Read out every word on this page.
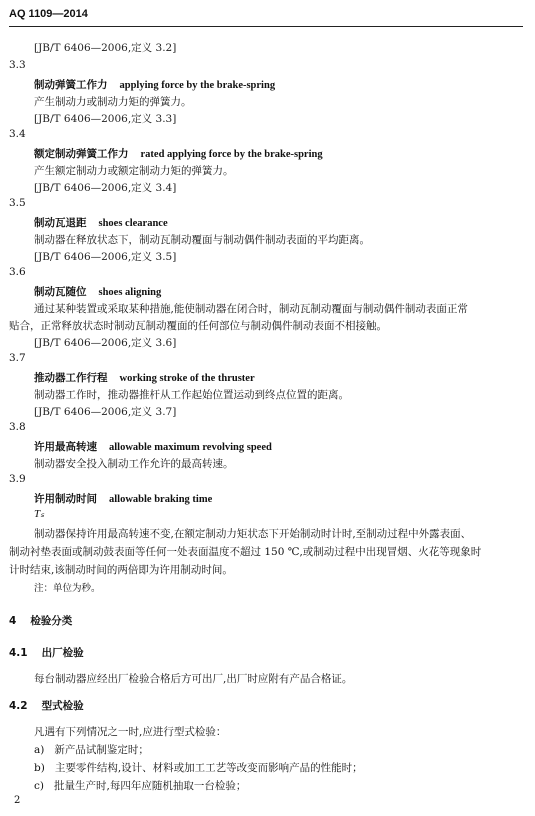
AQ 1109—2014
[JB/T 6406—2006,定义 3.2]
3.3
制动弹簧工作力 applying force by the brake-spring
产生制动力或制动力矩的弹簧力。
[JB/T 6406—2006,定义 3.3]
3.4
额定制动弹簧工作力 rated applying force by the brake-spring
产生额定制动力或额定制动力矩的弹簧力。
[JB/T 6406—2006,定义 3.4]
3.5
制动瓦退距 shoes clearance
制动器在释放状态下，制动瓦制动覆面与制动偶件制动表面的平均距离。
[JB/T 6406—2006,定义 3.5]
3.6
制动瓦随位 shoes aligning
通过某种装置或采取某种措施,能使制动器在闭合时，制动瓦制动覆面与制动偶件制动表面正常
贴合，正常释放状态时制动瓦制动覆面的任何部位与制动偶件制动表面不相接触。
[JB/T 6406—2006,定义 3.6]
3.7
推动器工作行程 working stroke of the thruster
制动器工作时，推动器推杆从工作起始位置运动到终点位置的距离。
[JB/T 6406—2006,定义 3.7]
3.8
许用最高转速 allowable maximum revolving speed
制动器安全投入制动工作允许的最高转速。
3.9
许用制动时间 allowable braking time
Tₛ
制动器保持许用最高转速不变,在额定制动力矩状态下开始制动时计时,至制动过程中外露表面、
制动衬垫表面或制动鼓表面等任何一处表面温度不超过 150 ℃,或制动过程中出现冒烟、火花等现象时
计时结束,该制动时间的两倍即为许用制动时间。
注：单位为秒。
4 检验分类
4.1 出厂检验
每台制动器应经出厂检验合格后方可出厂,出厂时应附有产品合格证。
4.2 型式检验
凡遇有下列情况之一时,应进行型式检验：
a) 新产品试制鉴定时；
b) 主要零件结构,设计、材料或加工工艺等改变而影响产品的性能时；
c) 批量生产时,每四年应随机抽取一台检验；
2
